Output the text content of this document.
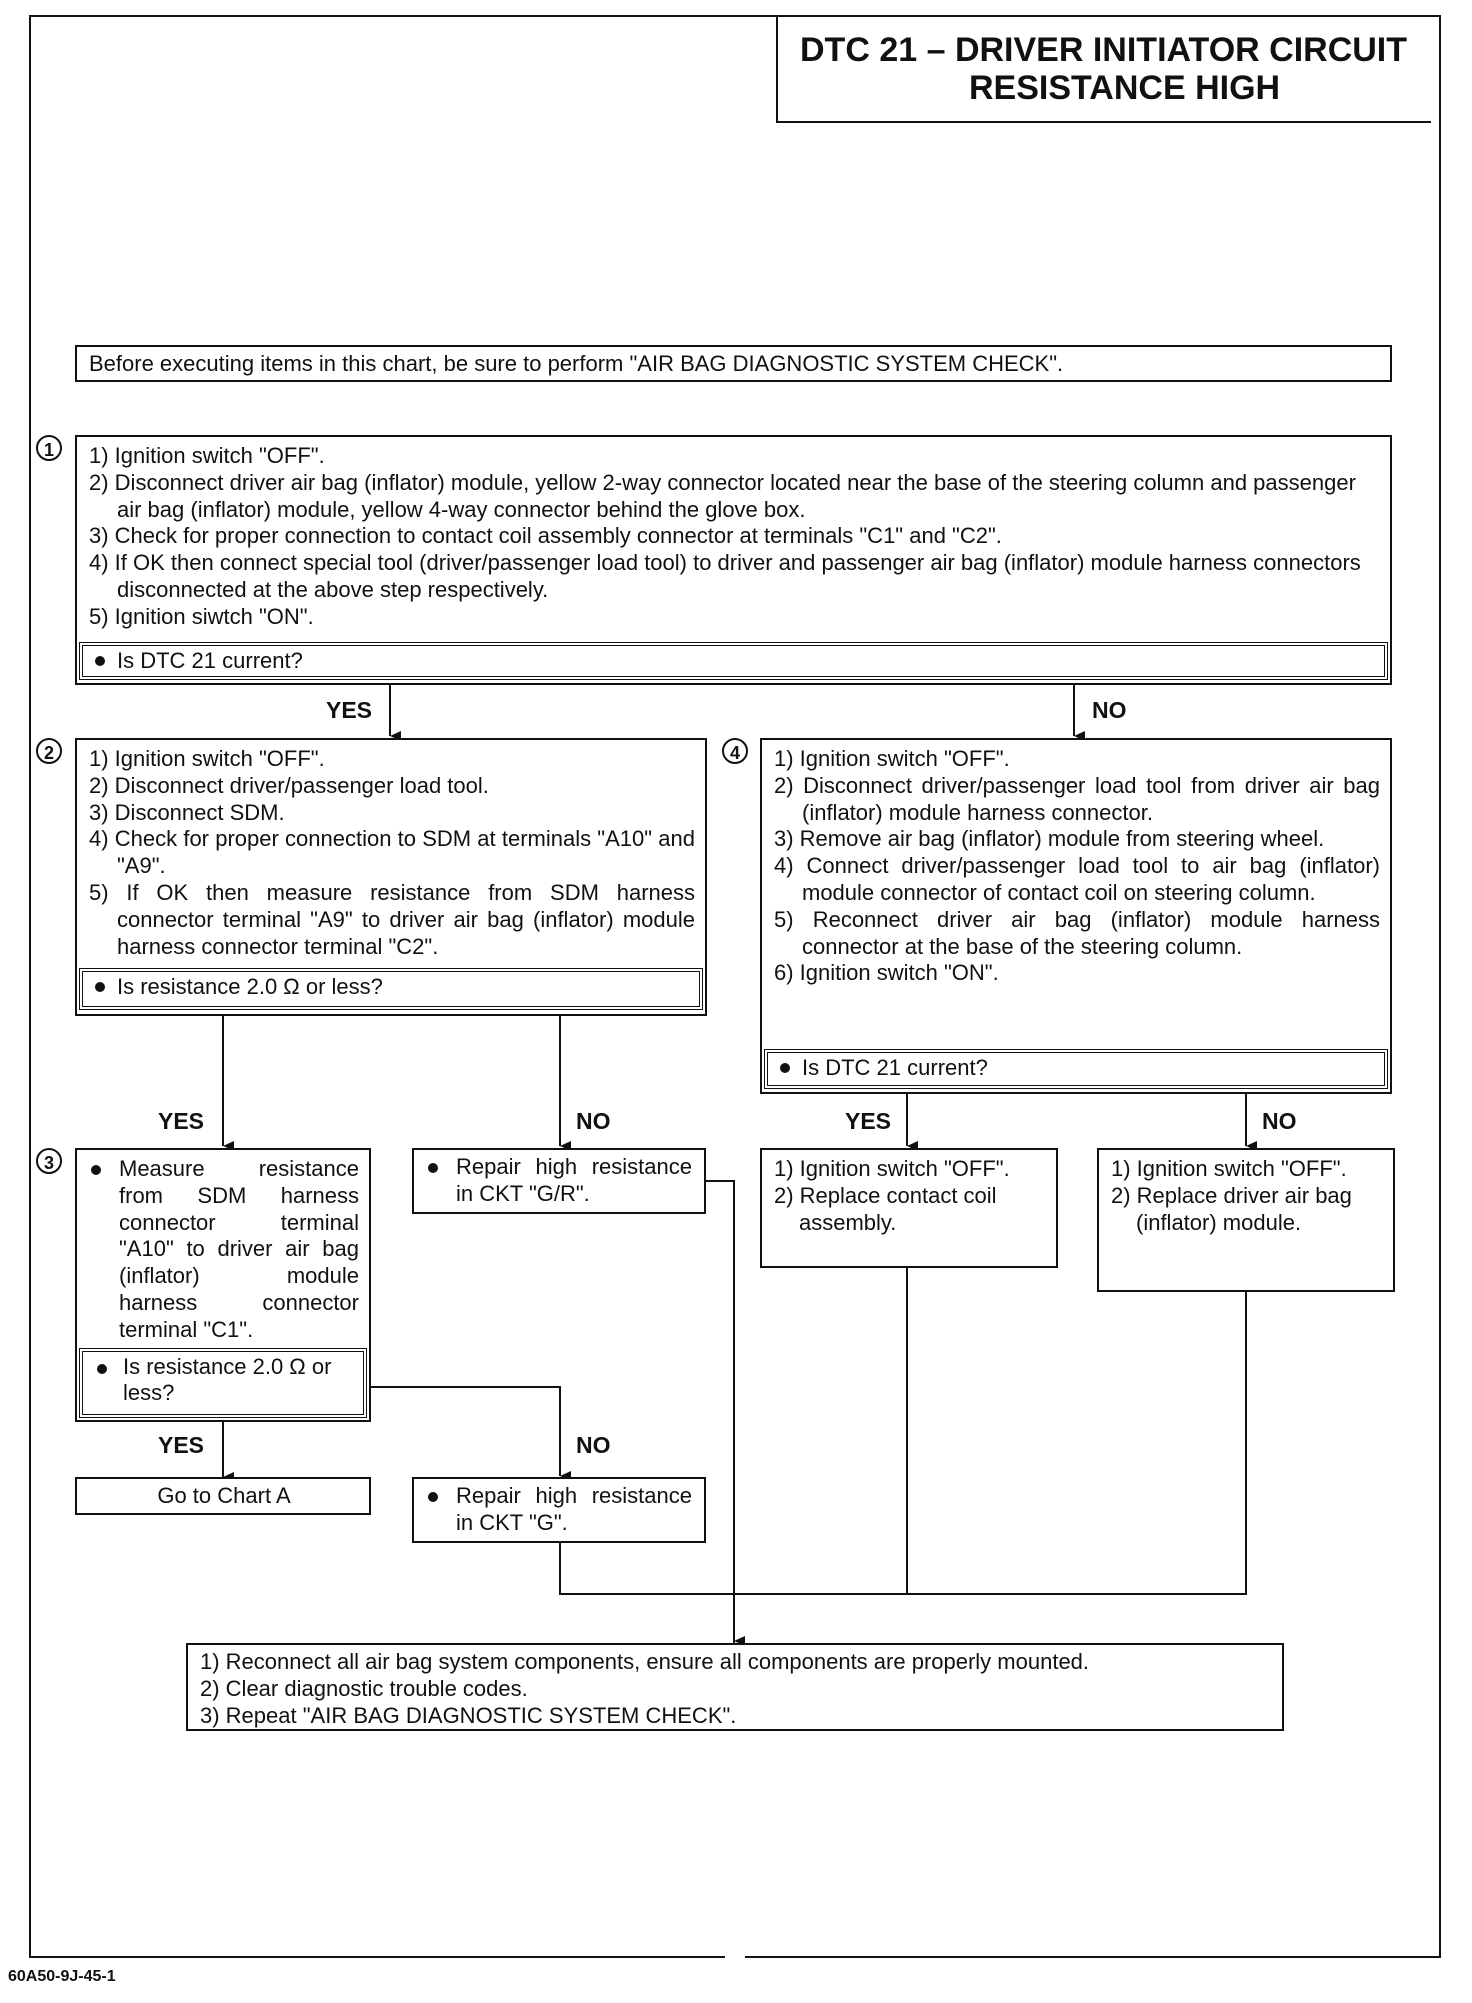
DTC 21 – DRIVER INITIATOR CIRCUIT
RESISTANCE HIGH
Before executing items in this chart, be sure to perform "AIR BAG DIAGNOSTIC SYSTEM CHECK".
1	1) Ignition switch "OFF".

2) Disconnect driver air bag (inflator) module, yellow 2-way connector located near the base of the steering column and passenger air bag (inflator) module, yellow 4-way connector behind the glove box.

3) Check for proper connection to contact coil assembly connector at terminals "C1" and "C2".

4) If OK then connect special tool (driver/passenger load tool) to driver and passenger air bag (inflator) module harness connectors disconnected at the above step respectively.

5) Ignition siwtch "ON".

Is DTC 21 current?
YES	NO
2	1) Ignition switch "OFF".

2) Disconnect driver/passenger load tool.

3) Disconnect SDM.

4) Check for proper connection to SDM at terminals "A10" and "A9".

5) If OK then measure resistance from SDM harness connector terminal "A9" to driver air bag (inflator) module harness connector terminal "C2".

Is resistance 2.0 Ω or less?
4	1) Ignition switch "OFF".

2) Disconnect driver/passenger load tool from driver air bag (inflator) module harness connector.

3) Remove air bag (inflator) module from steering wheel.

4) Connect driver/passenger load tool to air bag (inflator) module connector of contact coil on steering column.

5) Reconnect driver air bag (inflator) module harness connector at the base of the steering column.

6) Ignition switch "ON".

Is DTC 21 current?
YES	NO	YES	NO
3	Measure resistance from SDM harness connector terminal "A10" to driver air bag (inflator) module harness connector terminal "C1".
Is resistance 2.0 Ω or less?
Repair high resistance in CKT "G/R".

1) Ignition switch "OFF".

2) Replace contact coil assembly.

1) Ignition switch "OFF".

2) Replace driver air bag (inflator) module.

YES	NO
Go to Chart A	Repair high resistance in CKT "G".

1) Reconnect all air bag system components, ensure all components are properly mounted.

2) Clear diagnostic trouble codes.

3) Repeat "AIR BAG DIAGNOSTIC SYSTEM CHECK".

60A50-9J-45-1
